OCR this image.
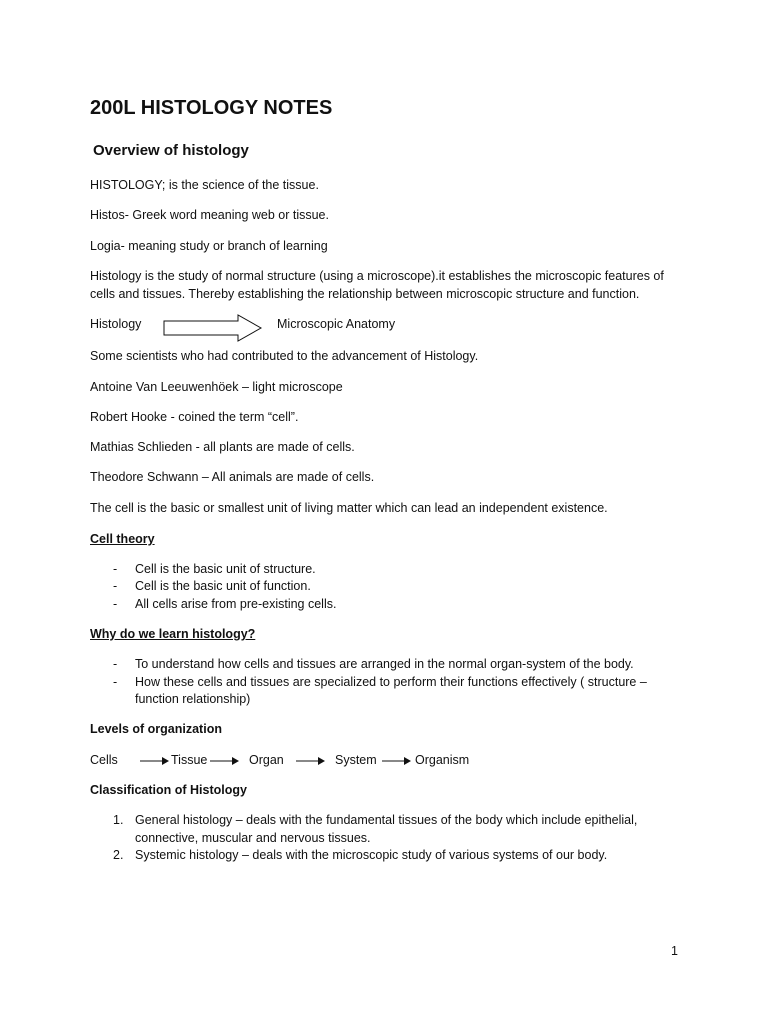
200L HISTOLOGY NOTES
Overview of histology
HISTOLOGY; is the science of the tissue.
Histos- Greek word meaning web or tissue.
Logia- meaning study or branch of learning
Histology is the study of normal structure (using a microscope).it establishes the microscopic features of
cells and tissues. Thereby establishing the relationship between microscopic structure and function.
Histology	Microscopic Anatomy
Some scientists who had contributed to the advancement of Histology.
Antoine Van Leeuwenhöek – light microscope
Robert Hooke - coined the term “cell”.
Mathias Schlieden - all plants are made of cells.
Theodore Schwann – All animals are made of cells.
The cell is the basic or smallest unit of living matter which can lead an independent existence.
Cell theory
- Cell is the basic unit of structure.
- Cell is the basic unit of function.
- All cells arise from pre-existing cells.
Why do we learn histology?
- To understand how cells and tissues are arranged in the normal organ-system of the body.
- How these cells and tissues are specialized to perform their functions effectively ( structure –
function relationship)
Levels of organization
Cells	Tissue	Organ	System	Organism
Classification of Histology
1. General histology – deals with the fundamental tissues of the body which include epithelial,
connective, muscular and nervous tissues.
2. Systemic histology – deals with the microscopic study of various systems of our body.
1
